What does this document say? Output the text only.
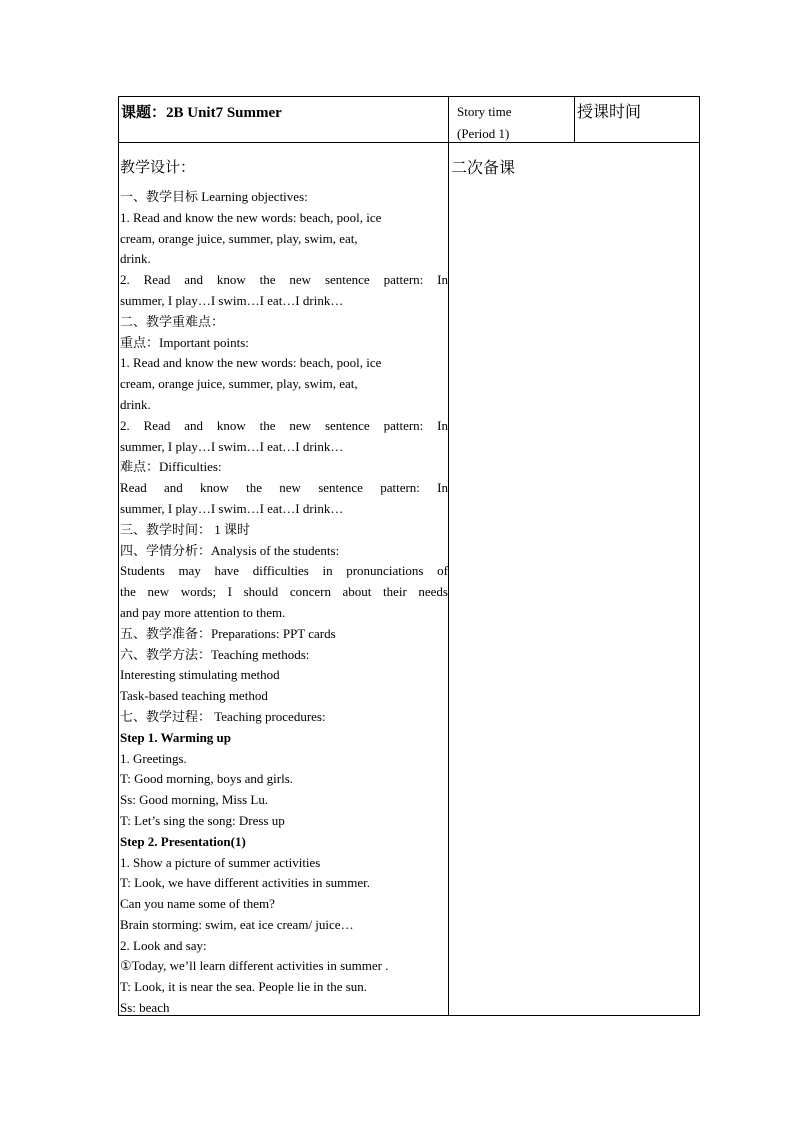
课题：2B Unit7 Summer	Story time
(Period 1)
授课时间
二次备课
教学设计：
一、教学目标 Learning objectives:
1. Read and know the new words: beach, pool, ice
cream, orange juice, summer, play, swim, eat,
drink.
2. Read and know the new sentence pattern: In
summer, I play…I swim…I eat…I drink…
二、教学重难点：
重点：Important points:
1. Read and know the new words: beach, pool, ice
cream, orange juice, summer, play, swim, eat,
drink.
2. Read and know the new sentence pattern: In
summer, I play…I swim…I eat…I drink…
难点：Difficulties:
Read and know the new sentence pattern: In
summer, I play…I swim…I eat…I drink…
三、教学时间： 1 课时
四、学情分析：Analysis of the students:
Students may have difficulties in pronunciations of
the new words; I should concern about their needs
and pay more attention to them.
五、教学准备：Preparations: PPT cards
六、教学方法：Teaching methods:
Interesting stimulating method
Task-based teaching method
七、教学过程： Teaching procedures:
Step 1. Warming up
1. Greetings.
T: Good morning, boys and girls.
Ss: Good morning, Miss Lu.
T: Let’s sing the song: Dress up
Step 2. Presentation(1)
1. Show a picture of summer activities
T: Look, we have different activities in summer.
Can you name some of them?
Brain storming: swim, eat ice cream/ juice…
2. Look and say:
①Today, we’ll learn different activities in summer .
T: Look, it is near the sea. People lie in the sun.
Ss: beach
